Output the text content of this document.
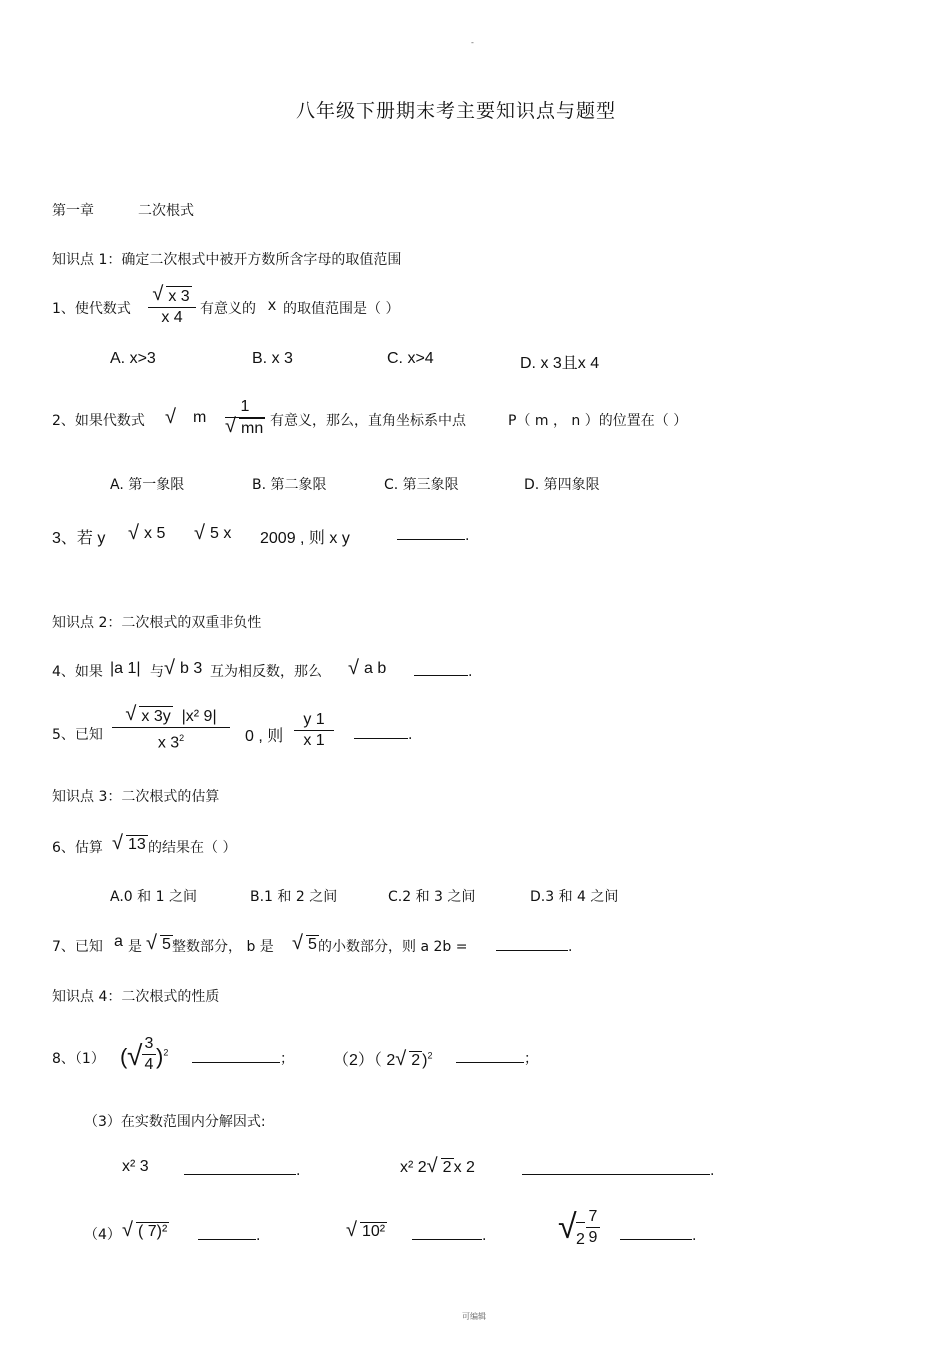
-
八年级下册期末考主要知识点与题型
第一章	二次根式
知识点 1：确定二次根式中被开方数所含字母的取值范围
1、使代数式
√ x 3
x 4	有意义的 x 的取值范围是（ ）
A. x>3	B. x 3	C. x>4	D. x 3且x 4
2、如果代数式 √ m
1
√ mn 有意义，那么，直角坐标系中点	P（ m ， n ）的位置在（ ）
A. 第一象限	B. 第二象限	C. 第三象限	D. 第四象限
3、若 y √ x 5 √ 5 x 2009 , 则 x y	.
知识点 2：二次根式的双重非负性
4、如果 |a 1| 与 √ b 3 互为相反数，那么 √ a b	.
5、已知
√ x 3y  |x² 9|
x $3^2$	0 , 则
y 1
x 1	.
知识点 3：二次根式的估算
6、估算 √ 13 的结果在（ ）
A.0 和 1 之间	B.1 和 2 之间	C.2 和 3 之间	D.3 和 4 之间
7、已知 a 是 √ 5 整数部分， b 是 √ 5 的小数部分，则 a 2b =	.
知识点 4：二次根式的性质
8、（1） ( √ 3
4 )$^2$	； （2）（ 2 √ 2 )$^2$	；
（3）在实数范围内分解因式:
x² 3	.	x² 2 √ 2 x 2	.
（4） √ ( 7)²	.	√ 10²	. √ 2
7
9	.
可编辑
